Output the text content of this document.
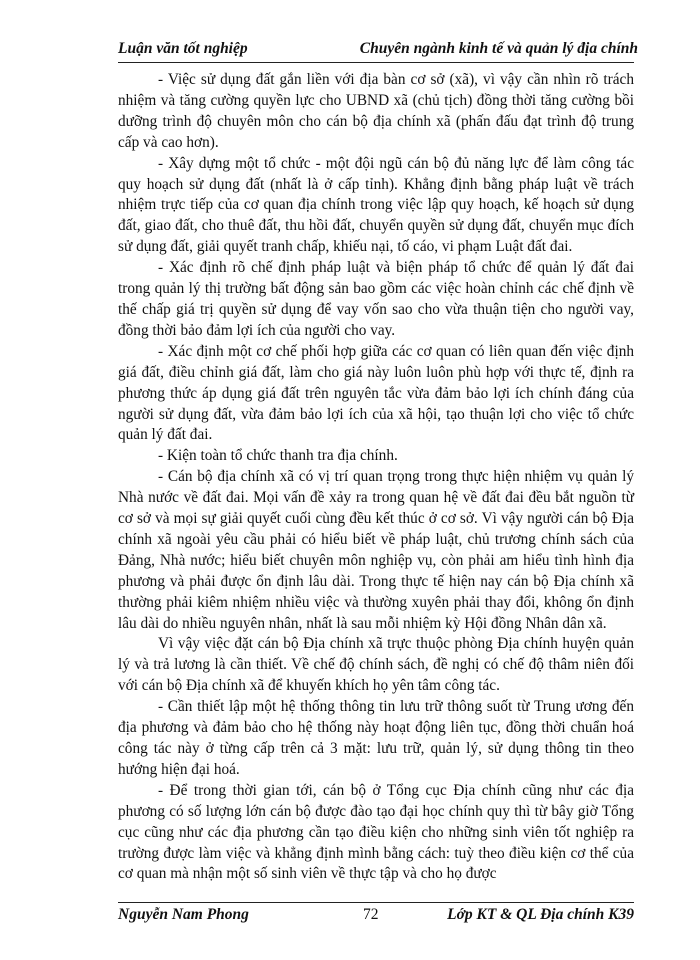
Luận văn tốt nghiệp	Chuyên ngành kinh tế và quản lý địa chính

- Việc sử dụng đất gắn liền với địa bàn cơ sở (xã), vì vậy cần nhìn rõ trách nhiệm và tăng cường quyền lực cho UBND xã (chủ tịch) đồng thời tăng cường bồi dưỡng trình độ chuyên môn cho cán bộ địa chính xã (phấn đấu đạt trình độ trung cấp và cao hơn).

- Xây dựng một tổ chức - một đội ngũ cán bộ đủ năng lực để làm công tác quy hoạch sử dụng đất (nhất là ở cấp tỉnh). Khẳng định bằng pháp luật về trách nhiệm trực tiếp của cơ quan địa chính trong việc lập quy hoạch, kế hoạch sử dụng đất, giao đất, cho thuê đất, thu hồi đất, chuyển quyền sử dụng đất, chuyển mục đích sử dụng đất, giải quyết tranh chấp, khiếu nại, tố cáo, vi phạm Luật đất đai.

- Xác định rõ chế định pháp luật và biện pháp tổ chức để quản lý đất đai trong quản lý thị trường bất động sản bao gồm các việc hoàn chỉnh các chế định về thế chấp giá trị quyền sử dụng để vay vốn sao cho vừa thuận tiện cho người vay, đồng thời bảo đảm lợi ích của người cho vay.

- Xác định một cơ chế phối hợp giữa các cơ quan có liên quan đến việc định giá đất, điều chỉnh giá đất, làm cho giá này luôn luôn phù hợp với thực tế, định ra phương thức áp dụng giá đất trên nguyên tắc vừa đảm bảo lợi ích chính đáng của người sử dụng đất, vừa đảm bảo lợi ích của xã hội, tạo thuận lợi cho việc tổ chức quản lý đất đai.

- Kiện toàn tổ chức thanh tra địa chính.

- Cán bộ địa chính xã có vị trí quan trọng trong thực hiện nhiệm vụ quản lý Nhà nước về đất đai. Mọi vấn đề xảy ra trong quan hệ về đất đai đều bắt nguồn từ cơ sở và mọi sự giải quyết cuối cùng đều kết thúc ở cơ sở. Vì vậy người cán bộ Địa chính xã ngoài yêu cầu phải có hiểu biết về pháp luật, chủ trương chính sách của Đảng, Nhà nước; hiểu biết chuyên môn nghiệp vụ, còn phải am hiểu tình hình địa phương và phải được ổn định lâu dài. Trong thực tế hiện nay cán bộ Địa chính xã thường phải kiêm nhiệm nhiều việc và thường xuyên phải thay đổi, không ổn định lâu dài do nhiều nguyên nhân, nhất là sau mỗi nhiệm kỳ Hội đồng Nhân dân xã.

Vì vậy việc đặt cán bộ Địa chính xã trực thuộc phòng Địa chính huyện quản lý và trả lương là cần thiết. Về chế độ chính sách, đề nghị có chế độ thâm niên đối với cán bộ Địa chính xã để khuyến khích họ yên tâm công tác.

- Cần thiết lập một hệ thống thông tin lưu trữ thông suốt từ Trung ương đến địa phương và đảm bảo cho hệ thống này hoạt động liên tục, đồng thời chuẩn hoá công tác này ở từng cấp trên cả 3 mặt: lưu trữ, quản lý, sử dụng thông tin theo hướng hiện đại hoá.

- Để trong thời gian tới, cán bộ ở Tổng cục Địa chính cũng như các địa phương có số lượng lớn cán bộ được đào tạo đại học chính quy thì từ bây giờ Tổng cục cũng như các địa phương cần tạo điều kiện cho những sinh viên tốt nghiệp ra trường được làm việc và khẳng định mình bằng cách: tuỳ theo điều kiện cơ thể của cơ quan mà nhận một số sinh viên về thực tập và cho họ được

Nguyễn Nam Phong	72	Lớp KT & QL Địa chính K39
